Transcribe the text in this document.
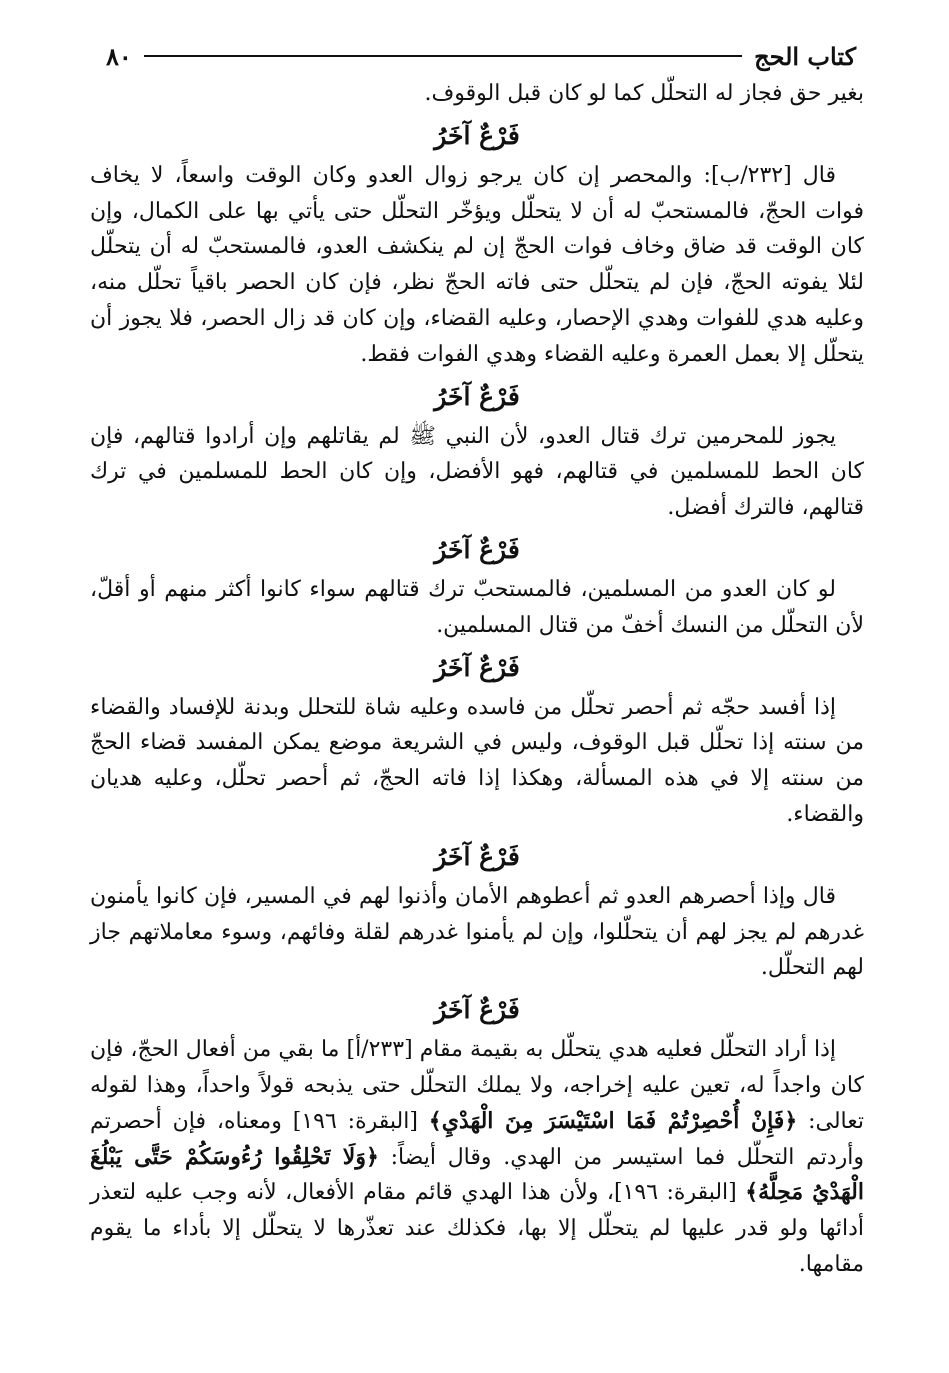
كتاب الحج
٨٠

بغير حق فجاز له التحلّل كما لو كان قبل الوقوف.

فَرْعٌ آخَرُ

قال [٢٣٢/ب]: والمحصر إن كان يرجو زوال العدو وكان الوقت واسعاً، لا يخاف فوات الحجّ، فالمستحبّ له أن لا يتحلّل ويؤخّر التحلّل حتى يأتي بها على الكمال، وإن كان الوقت قد ضاق وخاف فوات الحجّ إن لم ينكشف العدو، فالمستحبّ له أن يتحلّل لئلا يفوته الحجّ، فإن لم يتحلّل حتى فاته الحجّ نظر، فإن كان الحصر باقياً تحلّل منه، وعليه هدي للفوات وهدي الإحصار، وعليه القضاء، وإن كان قد زال الحصر، فلا يجوز أن يتحلّل إلا بعمل العمرة وعليه القضاء وهدي الفوات فقط.

فَرْعٌ آخَرُ

يجوز للمحرمين ترك قتال العدو، لأن النبي ﷺ لم يقاتلهم وإن أرادوا قتالهم، فإن كان الحط للمسلمين في قتالهم، فهو الأفضل، وإن كان الحط للمسلمين في ترك قتالهم، فالترك أفضل.

فَرْعٌ آخَرُ

لو كان العدو من المسلمين، فالمستحبّ ترك قتالهم سواء كانوا أكثر منهم أو أقلّ، لأن التحلّل من النسك أخفّ من قتال المسلمين.

فَرْعٌ آخَرُ

إذا أفسد حجّه ثم أحصر تحلّل من فاسده وعليه شاة للتحلل وبدنة للإفساد والقضاء من سنته إذا تحلّل قبل الوقوف، وليس في الشريعة موضع يمكن المفسد قضاء الحجّ من سنته إلا في هذه المسألة، وهكذا إذا فاته الحجّ، ثم أحصر تحلّل، وعليه هديان والقضاء.

فَرْعٌ آخَرُ

قال وإذا أحصرهم العدو ثم أعطوهم الأمان وأذنوا لهم في المسير، فإن كانوا يأمنون غدرهم لم يجز لهم أن يتحلّلوا، وإن لم يأمنوا غدرهم لقلة وفائهم، وسوء معاملاتهم جاز لهم التحلّل.

فَرْعٌ آخَرُ

إذا أراد التحلّل فعليه هدي يتحلّل به بقيمة مقام [٢٣٣/أ] ما بقي من أفعال الحجّ، فإن كان واجداً له، تعين عليه إخراجه، ولا يملك التحلّل حتى يذبحه قولاً واحداً، وهذا لقوله تعالى: ﴿فَإِنْ أُحْصِرْتُمْ فَمَا اسْتَيْسَرَ مِنَ الْهَدْيِ﴾ [البقرة: ١٩٦] ومعناه، فإن أحصرتم وأردتم التحلّل فما استيسر من الهدي. وقال أيضاً: ﴿وَلَا تَحْلِقُوا رُءُوسَكُمْ حَتَّى يَبْلُغَ الْهَدْيُ مَحِلَّهُ﴾ [البقرة: ١٩٦]، ولأن هذا الهدي قائم مقام الأفعال، لأنه وجب عليه لتعذر أدائها ولو قدر عليها لم يتحلّل إلا بها، فكذلك عند تعذّرها لا يتحلّل إلا بأداء ما يقوم مقامها.
